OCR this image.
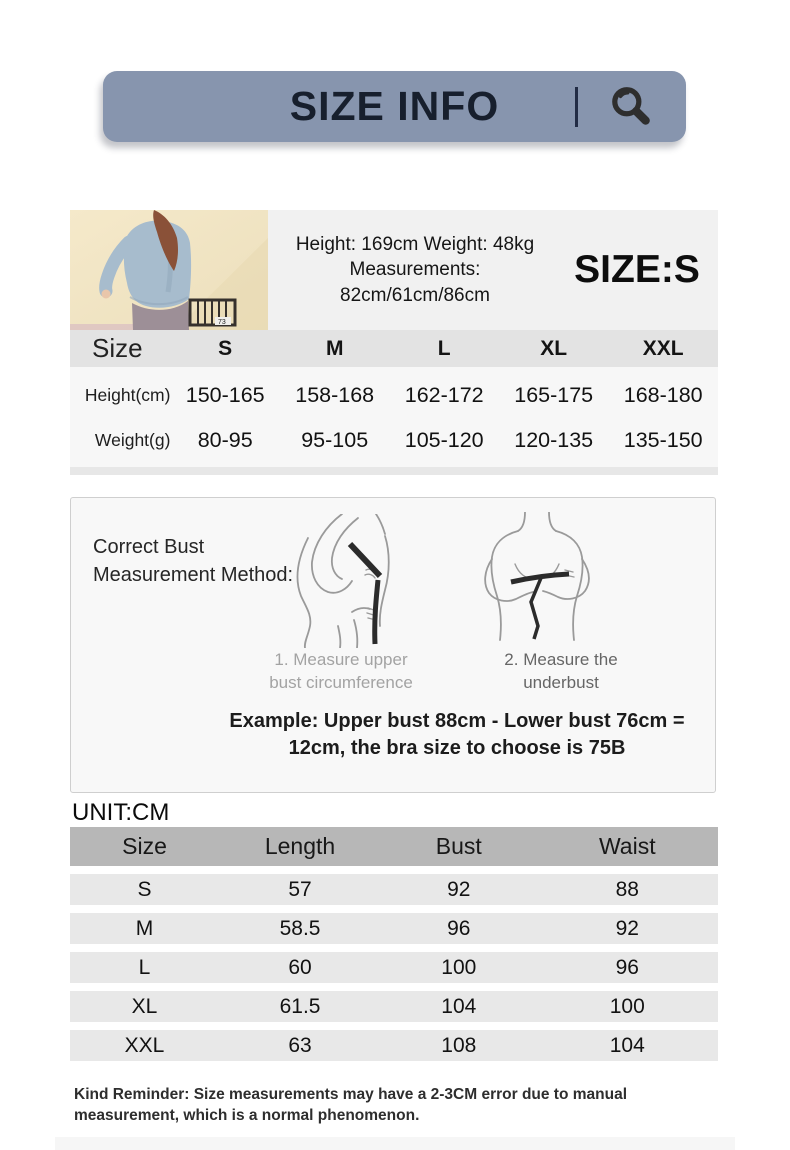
SIZE INFO
73
Height: 169cm Weight: 48kg
Measurements:
82cm/61cm/86cm
SIZE:S
Size	S	M	L	XL	XXL
Height(cm) 150-165	158-168	162-172	165-175	168-180
Weight(g)	80-95	95-105	105-120	120-135	135-150
Correct Bust
Measurement Method:
1. Measure upper
bust circumference
2. Measure the
underbust
Example: Upper bust 88cm - Lower bust 76cm =
12cm, the bra size to choose is 75B
UNIT:CM
Size	Length	Bust	Waist
S	57	92	88
M	58.5	96	92
L	60	100	96
XL	61.5	104	100
XXL	63	108	104
Kind Reminder: Size measurements may have a 2-3CM error due to manual measurement, which is a normal phenomenon.
